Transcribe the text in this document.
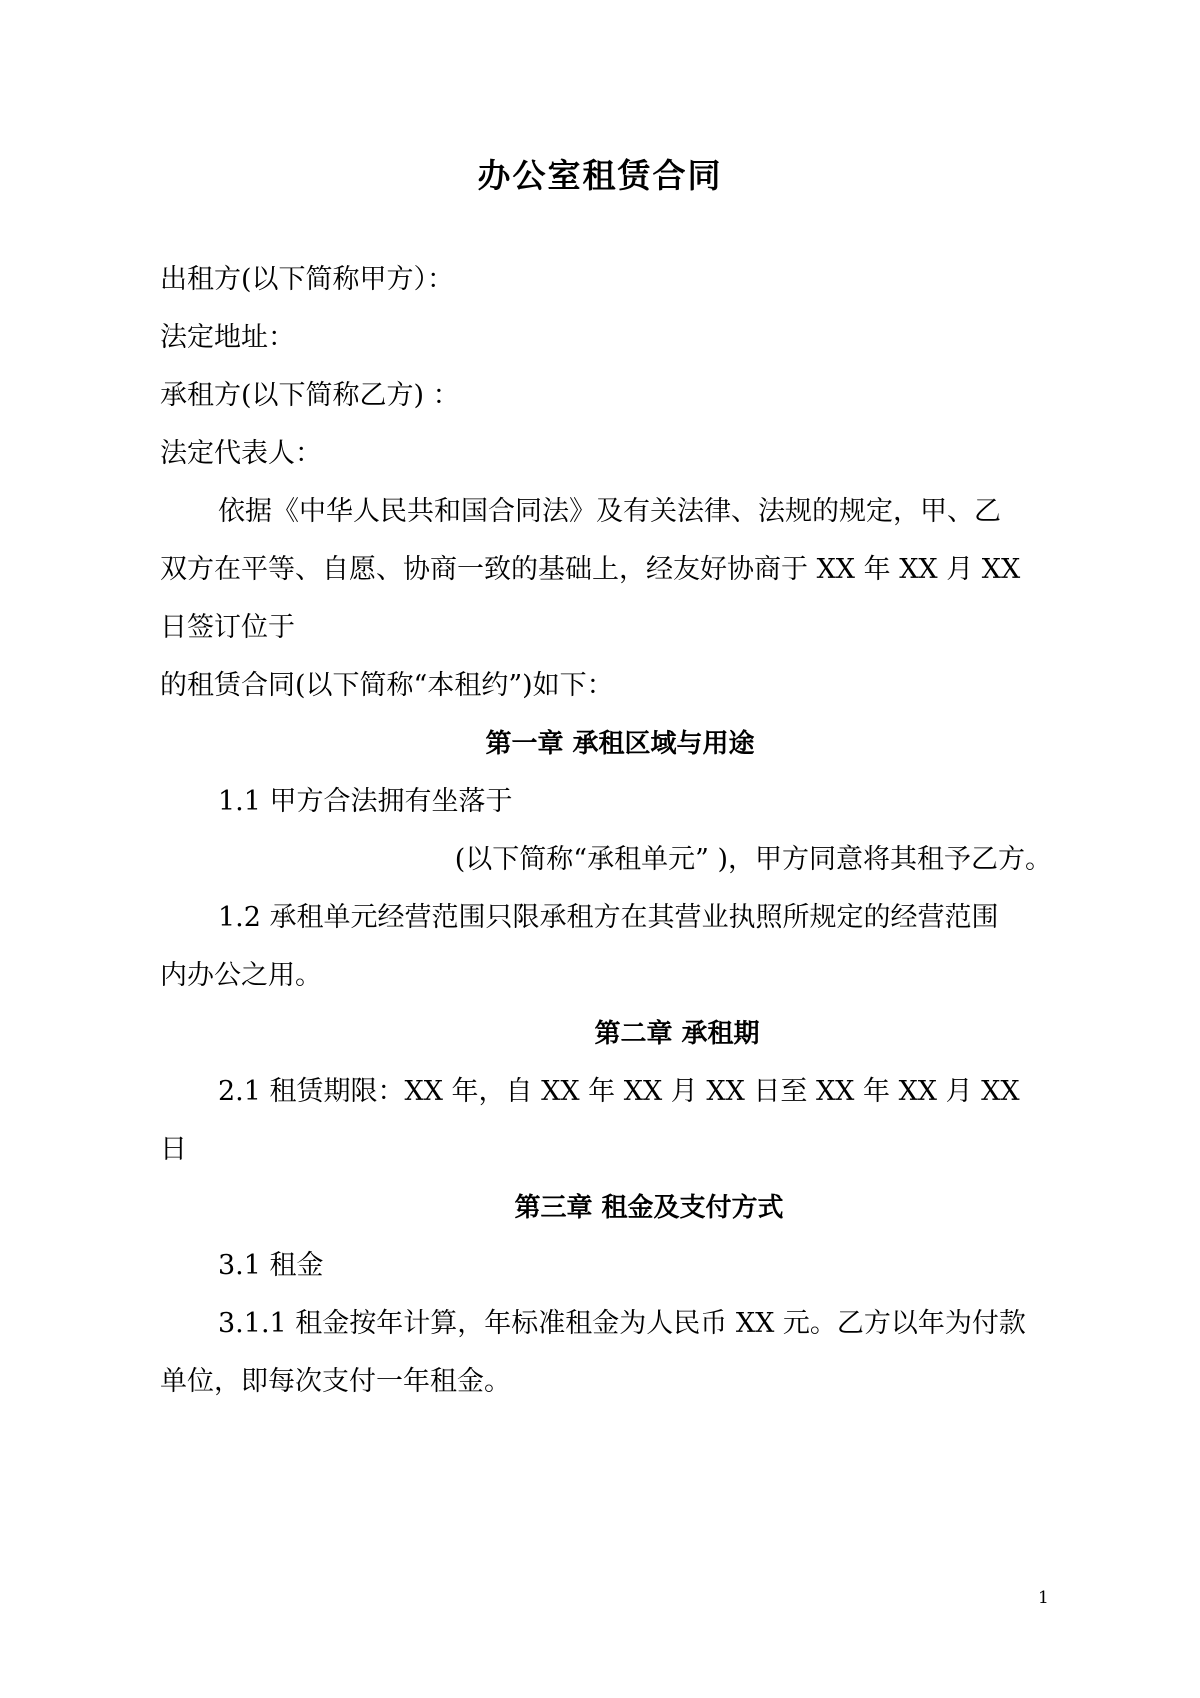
办公室租赁合同
出租方(以下简称甲方）：
法定地址：
承租方(以下简称乙方) ：
法定代表人：
依据《中华人民共和国合同法》及有关法律、法规的规定，甲、乙
双方在平等、自愿、协商一致的基础上，经友好协商于 XX 年 XX 月 XX
日签订位于
的租赁合同(以下简称“本租约”)如下：
第一章 承租区域与用途
1.1 甲方合法拥有坐落于
(以下简称“承租单元” )，甲方同意将其租予乙方。
1.2 承租单元经营范围只限承租方在其营业执照所规定的经营范围
内办公之用。
第二章 承租期
2.1 租赁期限：XX 年，自 XX 年 XX 月 XX 日至 XX 年 XX 月 XX
日
第三章 租金及支付方式
3.1 租金
3.1.1 租金按年计算，年标准租金为人民币 XX 元。乙方以年为付款
单位，即每次支付一年租金。
1
